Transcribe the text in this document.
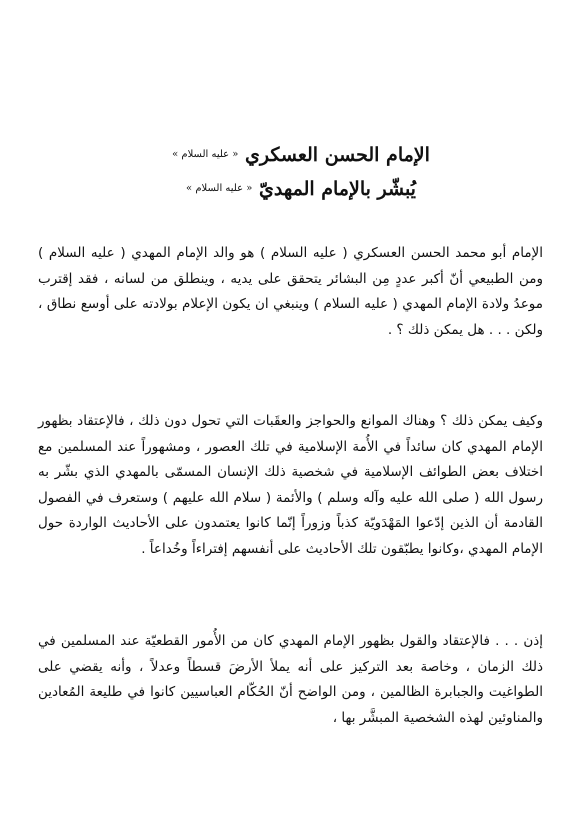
الإمام الحسن العسكري $^{« عليه السلام »}$
يُبشّر بالإمام المهديّ $^{« عليه السلام »}$

الإمام أبو محمد الحسن العسكري ( عليه السلام ) هو والد الإمام المهدي ( عليه السلام ) ومن الطبيعي أنّ أكبر عددٍ مِن البشائر يتحقق على يديه ، وينطلق من لسانه ، فقد إقترب موعدُ ولادة الإمام المهدي ( عليه السلام ) وينبغي ان يكون الإعلام بولادته على أوسع نطاق ، ولكن . . . هل يمكن ذلك ؟ .

وكيف يمكن ذلك ؟ وهناك الموانع والحواجز والعقَبات التي تحول دون ذلك ، فالإعتقاد بظهور الإمام المهدي كان سائداً في الأُمة الإسلامية في تلك العصور ، ومشهوراً عند المسلمين مع اختلاف بعض الطوائف الإسلامية في شخصية ذلك الإنسان المسمّى بالمهدي الذي بشّر به رسول الله ( صلى الله عليه وآله وسلم ) والأئمة ( سلام الله عليهم ) وستعرف في الفصول القادمة أن الذين إدّعوا المَهْدَويّة كذباً وزوراً إنّما كانوا يعتمدون على الأحاديث الواردة حول الإمام المهدي ،وكانوا يطبّقون تلك الأحاديث على أنفسهم إفتراءاً وخُداعاً .

إذن . . . فالإعتقاد والقول بظهور الإمام المهدي كان من الأُمور القطعيّة عند المسلمين في ذلك الزمان ، وخاصة بعد التركيز على أنه يملأ الأرضَ قسطاً وعدلاً ، وأنه يقضي على الطواغيت والجبابرة الظالمين ، ومن الواضح أنّ الحُكّام العباسيين كانوا في طليعة المُعادين والمناوئين لهذه الشخصية المبشَّر بها ،
